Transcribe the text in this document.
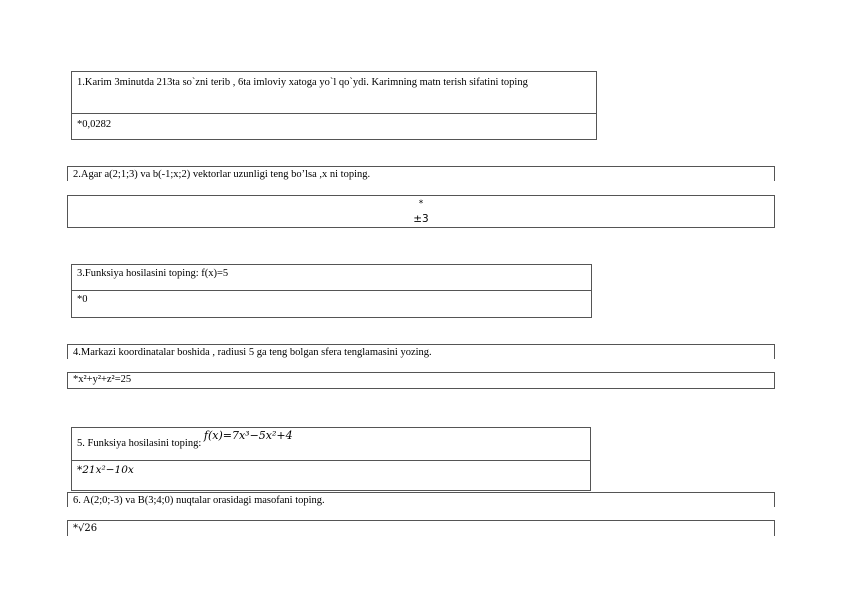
1.Karim 3minutda 213ta so`zni terib , 6ta imloviy xatoga yo`l qo`ydi. Karimning matn terish sifatini toping
*0,0282
2.Agar a(2;1;3) va b(-1;x;2) vektorlar uzunligi teng bo’lsa ,x ni toping.
*
±3
3.Funksiya hosilasini toping: f(x)=5
*0
4.Markazi koordinatalar boshida , radiusi 5 ga teng bolgan sfera tenglamasini yozing.
*x²+y²+z²=25
5. Funksiya hosilasini toping: f(x)=7x³−5x²+4
*21x²−10x
6. A(2;0;-3) va B(3;4;0) nuqtalar orasidagi masofani toping.
*√26
